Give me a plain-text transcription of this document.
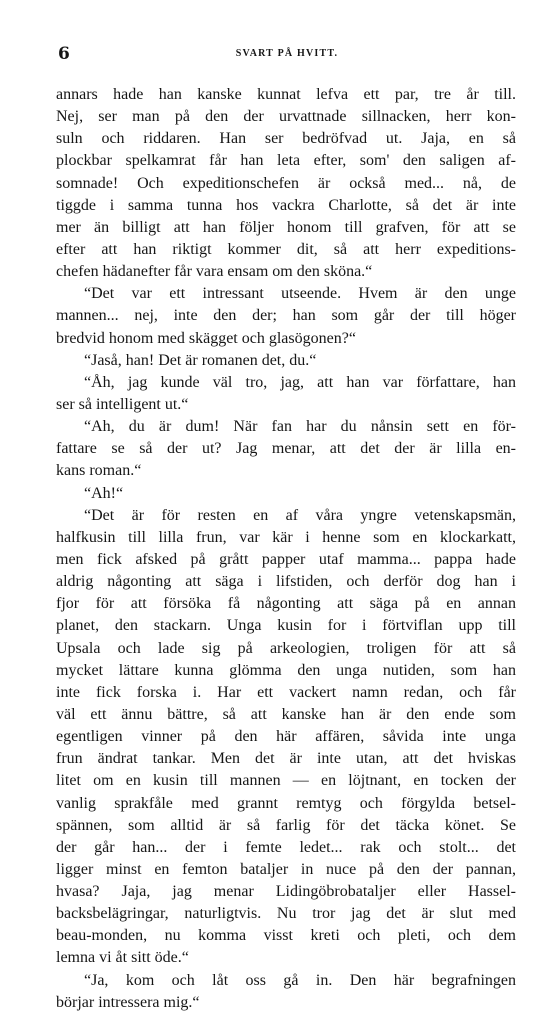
6	SVART PÅ HVITT.
annars hade han kanske kunnat lefva ett par, tre år till.
Nej, ser man på den der urvattnade sillnacken, herr kon-
suln och riddaren. Han ser bedröfvad ut. Jaja, en så
plockbar spelkamrat får han leta efter, som' den saligen af-
somnade! Och expeditionschefen är också med... nå, de
tiggde i samma tunna hos vackra Charlotte, så det är inte
mer än billigt att han följer honom till grafven, för att se
efter att han riktigt kommer dit, så att herr expeditions-
chefen hädanefter får vara ensam om den sköna.“
“Det var ett intressant utseende. Hvem är den unge
mannen... nej, inte den der; han som går der till höger
bredvid honom med skägget och glasögonen?“
“Jaså, han! Det är romanen det, du.“
“Åh, jag kunde väl tro, jag, att han var författare, han
ser så intelligent ut.“
“Ah, du är dum! När fan har du nånsin sett en för-
fattare se så der ut? Jag menar, att det der är lilla en-
kans roman.“
“Ah!“
“Det är för resten en af våra yngre vetenskapsmän,
halfkusin till lilla frun, var kär i henne som en klockarkatt,
men fick afsked på grått papper utaf mamma... pappa hade
aldrig någonting att säga i lifstiden, och derför dog han i
fjor för att försöka få någonting att säga på en annan
planet, den stackarn. Unga kusin for i förtviflan upp till
Upsala och lade sig på arkeologien, troligen för att så
mycket lättare kunna glömma den unga nutiden, som han
inte fick forska i. Har ett vackert namn redan, och får
väl ett ännu bättre, så att kanske han är den ende som
egentligen vinner på den här affären, såvida inte unga
frun ändrat tankar. Men det är inte utan, att det hviskas
litet om en kusin till mannen — en löjtnant, en tocken der
vanlig sprakfåle med grannt remtyg och förgylda betsel-
spännen, som alltid är så farlig för det täcka könet. Se
der går han... der i femte ledet... rak och stolt... det
ligger minst en femton bataljer in nuce på den der pannan,
hvasa? Jaja, jag menar Lidingöbrobataljer eller Hassel-
backsbelägringar, naturligtvis. Nu tror jag det är slut med
beau-monden, nu komma visst kreti och pleti, och dem
lemna vi åt sitt öde.“
“Ja, kom och låt oss gå in. Den här begrafningen
börjar intressera mig.“
